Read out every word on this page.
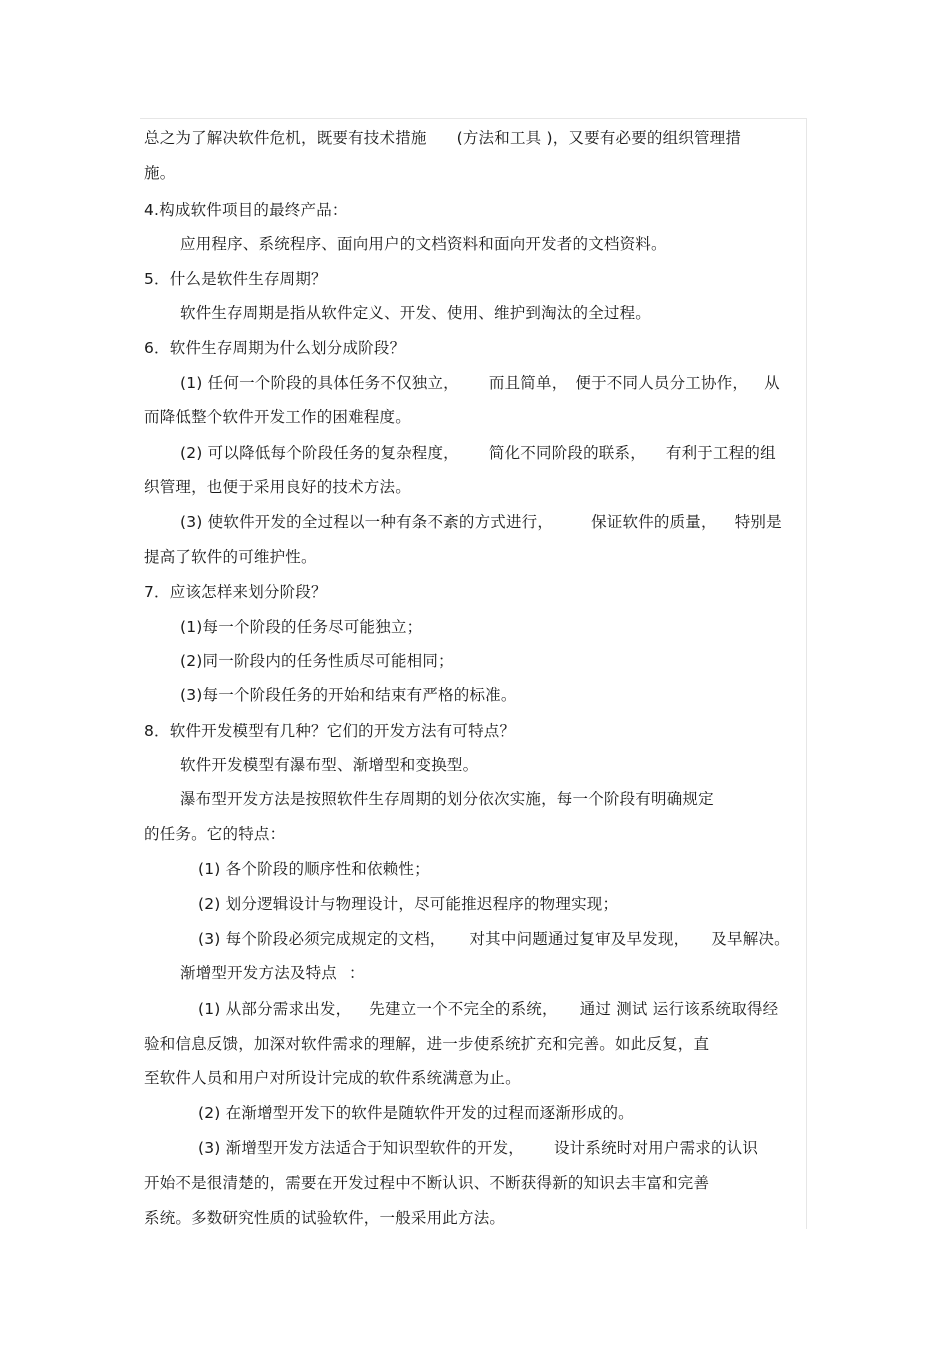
总之为了解决软件危机，既要有技术措施 (方法和工具 )，又要有必要的组织管理措
施。
4.构成软件项目的最终产品：
应用程序、系统程序、面向用户的文档资料和面向开发者的文档资料。
5．什么是软件生存周期？
软件生存周期是指从软件定义、开发、使用、维护到淘汰的全过程。
6．软件生存周期为什么划分成阶段？
(1) 任何一个阶段的具体任务不仅独立， 而且简单， 便于不同人员分工协作， 从
而降低整个软件开发工作的困难程度。
(2) 可以降低每个阶段任务的复杂程度， 简化不同阶段的联系， 有利于工程的组
织管理，也便于采用良好的技术方法。
(3) 使软件开发的全过程以一种有条不紊的方式进行， 保证软件的质量， 特别是
提高了软件的可维护性。
7．应该怎样来划分阶段？
(1)每一个阶段的任务尽可能独立；
(2)同一阶段内的任务性质尽可能相同；
(3)每一个阶段任务的开始和结束有严格的标准。
8．软件开发模型有几种？它们的开发方法有可特点？
软件开发模型有瀑布型、渐增型和变换型。
瀑布型开发方法是按照软件生存周期的划分依次实施，每一个阶段有明确规定
的任务。它的特点：
(1) 各个阶段的顺序性和依赖性；
(2) 划分逻辑设计与物理设计，尽可能推迟程序的物理实现；
(3) 每个阶段必须完成规定的文档， 对其中问题通过复审及早发现， 及早解决。
渐增型开发方法及特点 ：
(1) 从部分需求出发， 先建立一个不完全的系统， 通过 测试 运行该系统取得经
验和信息反馈，加深对软件需求的理解，进一步使系统扩充和完善。如此反复，直
至软件人员和用户对所设计完成的软件系统满意为止。
(2) 在渐增型开发下的软件是随软件开发的过程而逐渐形成的。
(3) 渐增型开发方法适合于知识型软件的开发， 设计系统时对用户需求的认识
开始不是很清楚的，需要在开发过程中不断认识、不断获得新的知识去丰富和完善
系统。多数研究性质的试验软件，一般采用此方法。
